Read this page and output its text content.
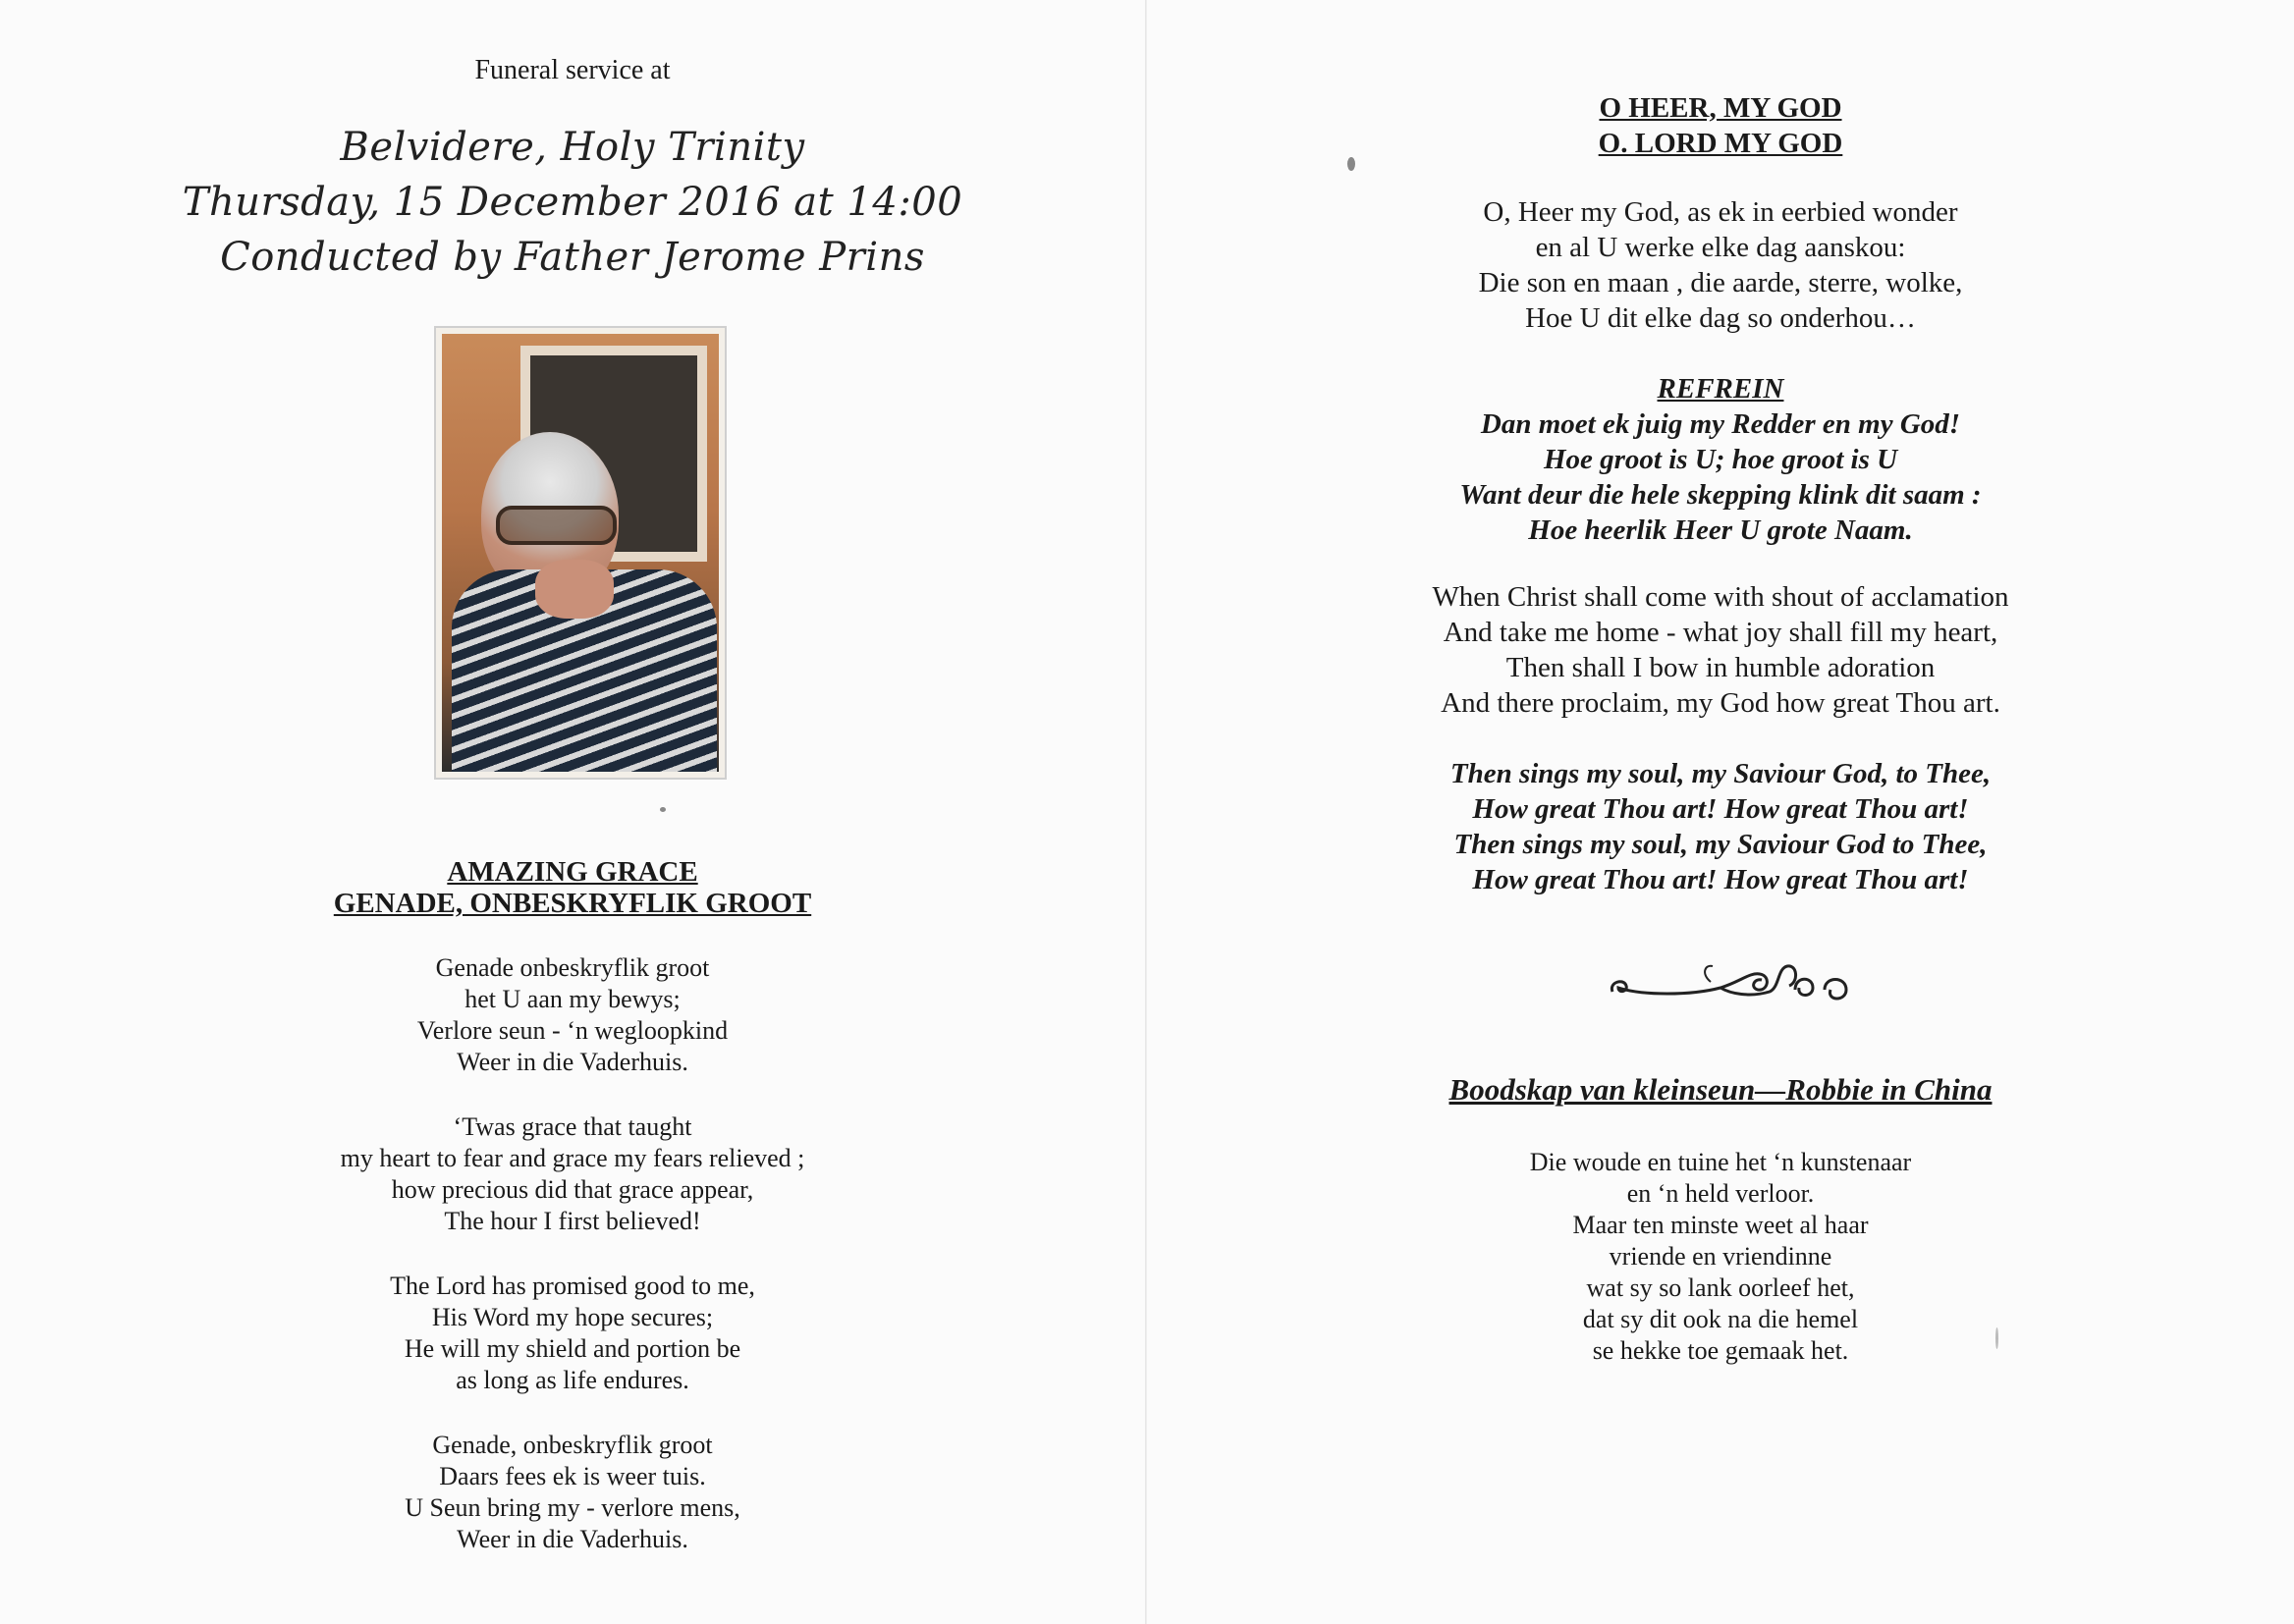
Funeral service at
Belvidere, Holy Trinity
Thursday, 15 December 2016 at 14:00
Conducted by Father Jerome Prins
AMAZING GRACE
GENADE, ONBESKRYFLIK GROOT
Genade onbeskryflik groot
het U aan my bewys;
Verlore seun - ‘n wegloopkind
Weer in die Vaderhuis.
‘Twas grace that taught
my heart to fear and grace my fears relieved ;
how precious did that grace appear,
The hour I first believed!
The Lord has promised good to me,
His Word my hope secures;
He will my shield and portion be
as long as life endures.
Genade, onbeskryflik groot
Daars fees ek is weer tuis.
U Seun bring my - verlore mens,
Weer in die Vaderhuis.
O HEER, MY GOD
O. LORD MY GOD
O, Heer my God, as ek in eerbied wonder
en al U werke elke dag aanskou:
Die son en maan , die aarde, sterre, wolke,
Hoe U dit elke dag so onderhou…
REFREIN
Dan moet ek juig my Redder en my God!
Hoe groot is U; hoe groot is U
Want deur die hele skepping klink dit saam :
Hoe heerlik Heer U grote Naam.
When Christ shall come with shout of acclamation
And take me home - what joy shall fill my heart,
Then shall I bow in humble adoration
And there proclaim, my God how great Thou art.
Then sings my soul, my Saviour God, to Thee,
How great Thou art! How great Thou art!
Then sings my soul, my Saviour God to Thee,
How great Thou art! How great Thou art!
Boodskap van kleinseun—Robbie in China
Die woude en tuine het ‘n kunstenaar
en ‘n held verloor.
Maar ten minste weet al haar
vriende en vriendinne
wat sy so lank oorleef het,
dat sy dit ook na die hemel
se hekke toe gemaak het.
